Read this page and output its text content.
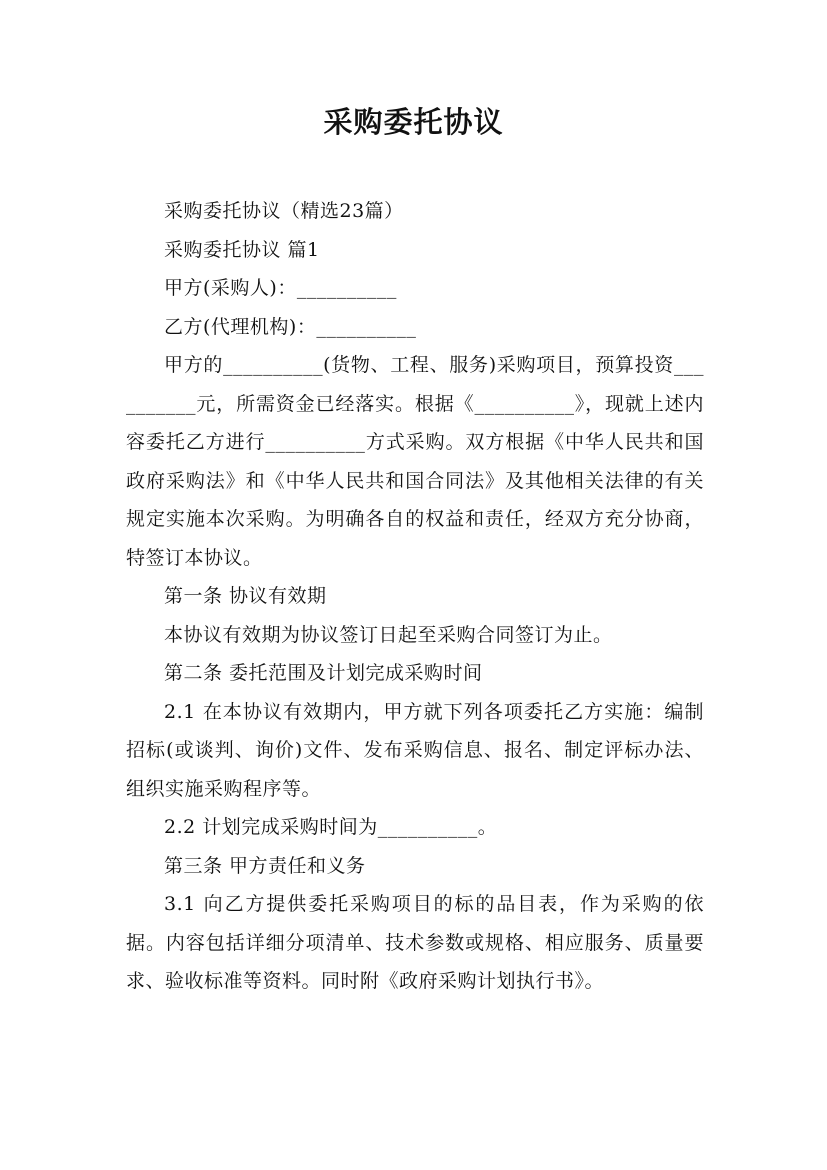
采购委托协议

采购委托协议（精选23篇）

采购委托协议 篇1

甲方(采购人)：__________

乙方(代理机构)：__________

甲方的__________(货物、工程、服务)采购项目，预算投资__________元，所需资金已经落实。根据《__________》，现就上述内容委托乙方进行__________方式采购。双方根据《中华人民共和国政府采购法》和《中华人民共和国合同法》及其他相关法律的有关规定实施本次采购。为明确各自的权益和责任，经双方充分协商，特签订本协议。

第一条 协议有效期

本协议有效期为协议签订日起至采购合同签订为止。

第二条 委托范围及计划完成采购时间

2.1 在本协议有效期内，甲方就下列各项委托乙方实施：编制招标(或谈判、询价)文件、发布采购信息、报名、制定评标办法、组织实施采购程序等。

2.2 计划完成采购时间为__________。

第三条 甲方责任和义务

3.1 向乙方提供委托采购项目的标的品目表，作为采购的依据。内容包括详细分项清单、技术参数或规格、相应服务、质量要求、验收标准等资料。同时附《政府采购计划执行书》。
